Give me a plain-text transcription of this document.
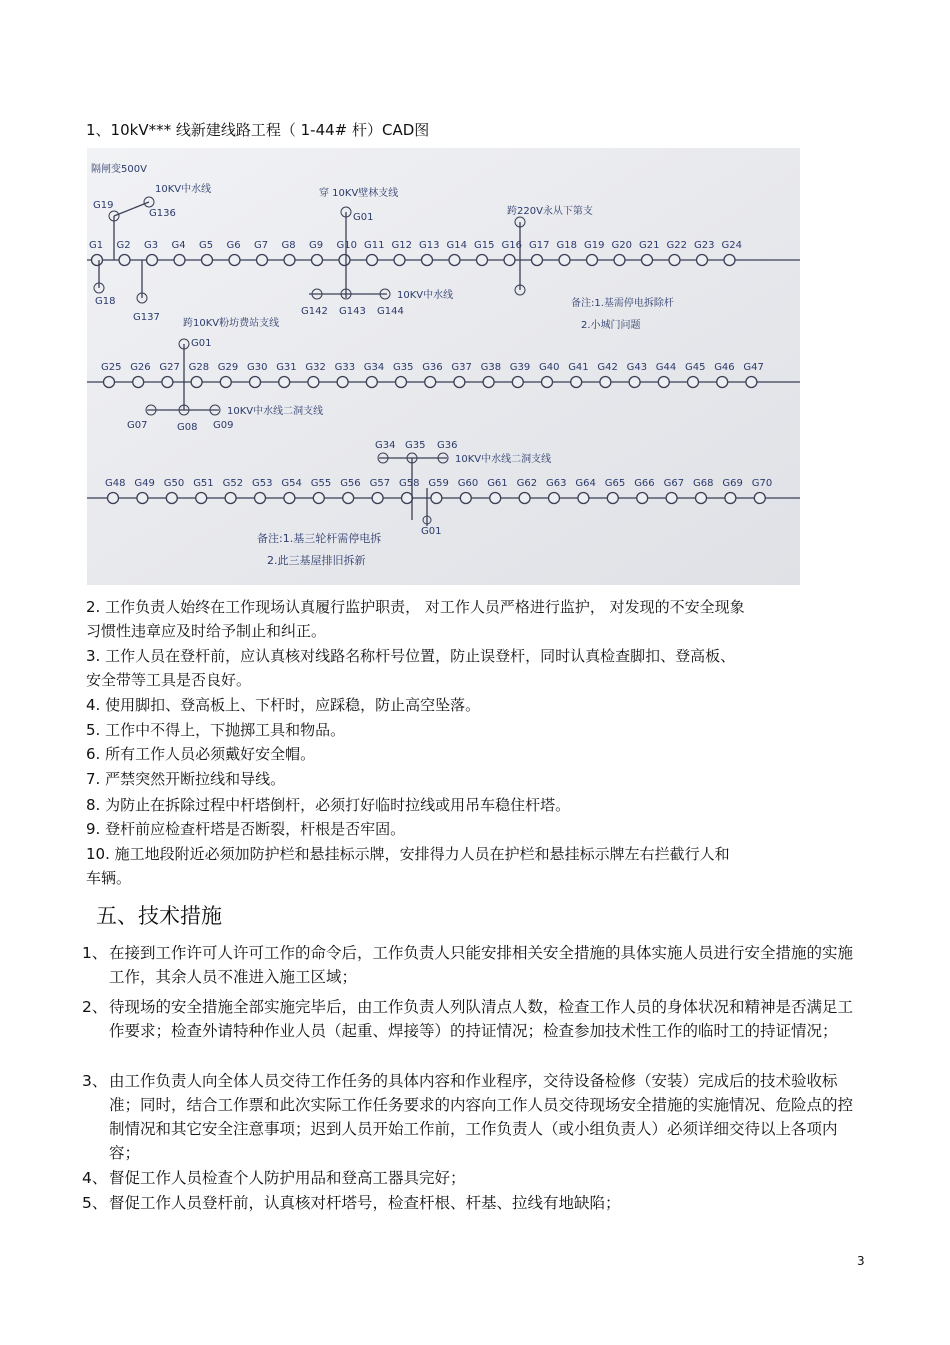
1、10kV*** 线新建线路工程（ 1-44# 杆）CAD图
G1 G2 G3 G4 G5 G6 G7 G8 G9 G10 G11 G12 G13 G14 G15 G16 G17 G18 G19 G20 G21 G22 G23 G24
G25 G26 G27 G28 G29 G30 G31 G32 G33 G34 G35 G36 G37 G38 G39 G40 G41 G42 G43 G44 G45 G46 G47
G48 G49 G50 G51 G52 G53 G54 G55 G56 G57 G58 G59 G60 G61 G62 G63 G64 G65 G66 G67 G68 G69 G70
隔闸变500V
10KV中水线
G136
G19
G18
G137
穿 10KV壁林支线
G01
跨220V永从下第支
G142 G143 G144
10KV中水线
备注:1.基需停电拆除杆
2.小城门问题
跨10KV粉坊费站支线
G01
G07	G08 G09
10KV中水线二洞支线
G34 G35 G36
10KV中水线二洞支线
G01
备注:1.基三轮杆需停电拆
2.此三基屋排旧拆新
2. 工作负责人始终在工作现场认真履行监护职责， 对工作人员严格进行监护， 对发现的不安全现象
习惯性违章应及时给予制止和纠正。
3. 工作人员在登杆前，应认真核对线路名称杆号位置，防止误登杆，同时认真检查脚扣、登高板、
安全带等工具是否良好。
4. 使用脚扣、登高板上、下杆时，应踩稳，防止高空坠落。
5. 工作中不得上，下抛掷工具和物品。
6. 所有工作人员必须戴好安全帽。
7. 严禁突然开断拉线和导线。
8. 为防止在拆除过程中杆塔倒杆，必须打好临时拉线或用吊车稳住杆塔。
9. 登杆前应检查杆塔是否断裂，杆根是否牢固。
10. 施工地段附近必须加防护栏和悬挂标示牌，安排得力人员在护栏和悬挂标示牌左右拦截行人和
车辆。
五、技术措施
1、 在接到工作许可人许可工作的命令后，工作负责人只能安排相关安全措施的具体实施人员进行安全措施的实施工作，其余人员不准进入施工区域；
2、 待现场的安全措施全部实施完毕后，由工作负责人列队清点人数，检查工作人员的身体状况和精神是否满足工作要求；检查外请特种作业人员（起重、焊接等）的持证情况；检查参加技术性工作的临时工的持证情况；
3、 由工作负责人向全体人员交待工作任务的具体内容和作业程序，交待设备检修（安装）完成后的技术验收标准；同时，结合工作票和此次实际工作任务要求的内容向工作人员交待现场安全措施的实施情况、危险点的控制情况和其它安全注意事项；迟到人员开始工作前，工作负责人（或小组负责人）必须详细交待以上各项内容；
4、 督促工作人员检查个人防护用品和登高工器具完好；
5、 督促工作人员登杆前，认真核对杆塔号，检查杆根、杆基、拉线有地缺陷；
3
